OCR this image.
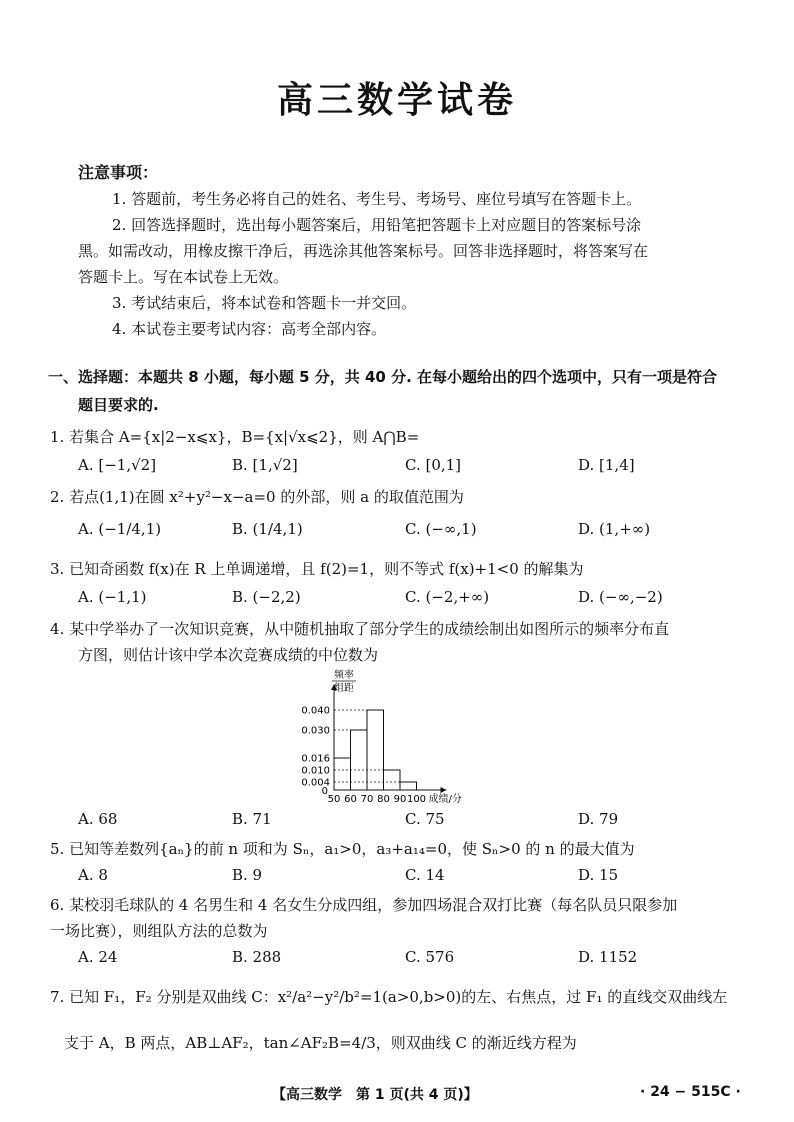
高三数学试卷
注意事项：
1. 答题前，考生务必将自己的姓名、考生号、考场号、座位号填写在答题卡上。
2. 回答选择题时，选出每小题答案后，用铅笔把答题卡上对应题目的答案标号涂
黑。如需改动，用橡皮擦干净后，再选涂其他答案标号。回答非选择题时，将答案写在
答题卡上。写在本试卷上无效。
3. 考试结束后，将本试卷和答题卡一并交回。
4. 本试卷主要考试内容：高考全部内容。
一、选择题：本题共 8 小题，每小题 5 分，共 40 分. 在每小题给出的四个选项中，只有一项是符合
题目要求的.
1. 若集合 A={x|2−x⩽x}，B={x|√x⩽2}，则 A⋂B=
A. [−1,√2]	B. [1,√2]	C. [0,1]	D. [1,4]
2. 若点(1,1)在圆 x²+y²−x−a=0 的外部，则 a 的取值范围为
A. (−1/4,1)	B. (1/4,1)	C. (−∞,1)	D. (1,+∞)
3. 已知奇函数 f(x)在 R 上单调递增，且 f(2)=1，则不等式 f(x)+1<0 的解集为
A. (−1,1)	B. (−2,2)	C. (−2,+∞)	D. (−∞,−2)
4. 某中学举办了一次知识竞赛，从中随机抽取了部分学生的成绩绘制出如图所示的频率分布直
方图，则估计该中学本次竞赛成绩的中位数为
频率
组距
0
0.040
0.030
0.016
0.010
0.004
50 60 70 80 90 100 成绩/分
A. 68	B. 71	C. 75	D. 79
5. 已知等差数列{aₙ}的前 n 项和为 Sₙ，a₁>0，a₃+a₁₄=0，使 Sₙ>0 的 n 的最大值为
A. 8	B. 9	C. 14	D. 15
6. 某校羽毛球队的 4 名男生和 4 名女生分成四组，参加四场混合双打比赛（每名队员只限参加
一场比赛），则组队方法的总数为
A. 24	B. 288	C. 576	D. 1152
7. 已知 F₁，F₂ 分别是双曲线 C：x²/a²−y²/b²=1(a>0,b>0)的左、右焦点，过 F₁ 的直线交双曲线左
支于 A，B 两点，AB⊥AF₂，tan∠AF₂B=4/3，则双曲线 C 的渐近线方程为
【高三数学　第 1 页(共 4 页)】	· 24 − 515C ·
